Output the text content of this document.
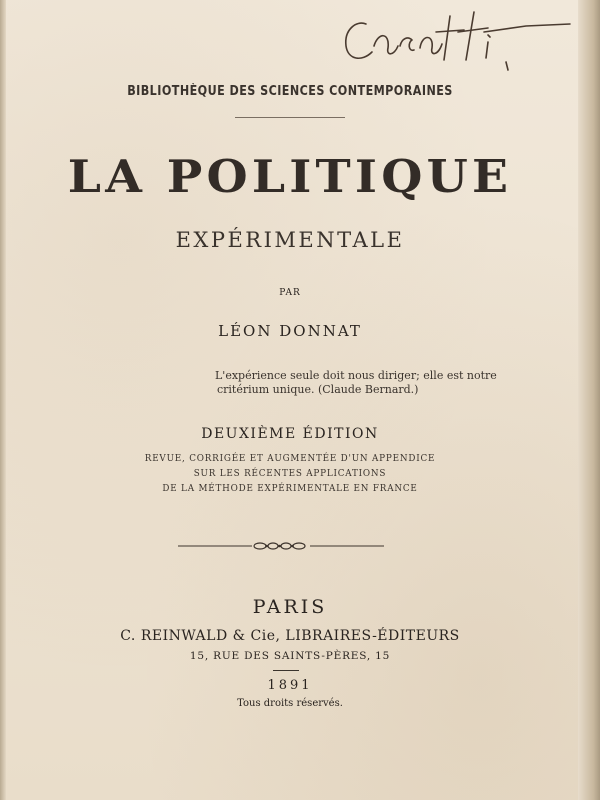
BIBLIOTHÈQUE DES SCIENCES CONTEMPORAINES
LA POLITIQUE
EXPÉRIMENTALE
PAR
LÉON DONNAT
L'expérience seule doit nous diriger; elle est notre
critérium unique. (Claude Bernard.)
DEUXIÈME ÉDITION
REVUE, CORRIGÉE ET AUGMENTÉE D'UN APPENDICE
SUR LES RÉCENTES APPLICATIONS
DE LA MÉTHODE EXPÉRIMENTALE EN FRANCE
PARIS
C. REINWALD & Cie, LIBRAIRES-ÉDITEURS
15, RUE DES SAINTS-PÈRES, 15
1891
Tous droits réservés.
